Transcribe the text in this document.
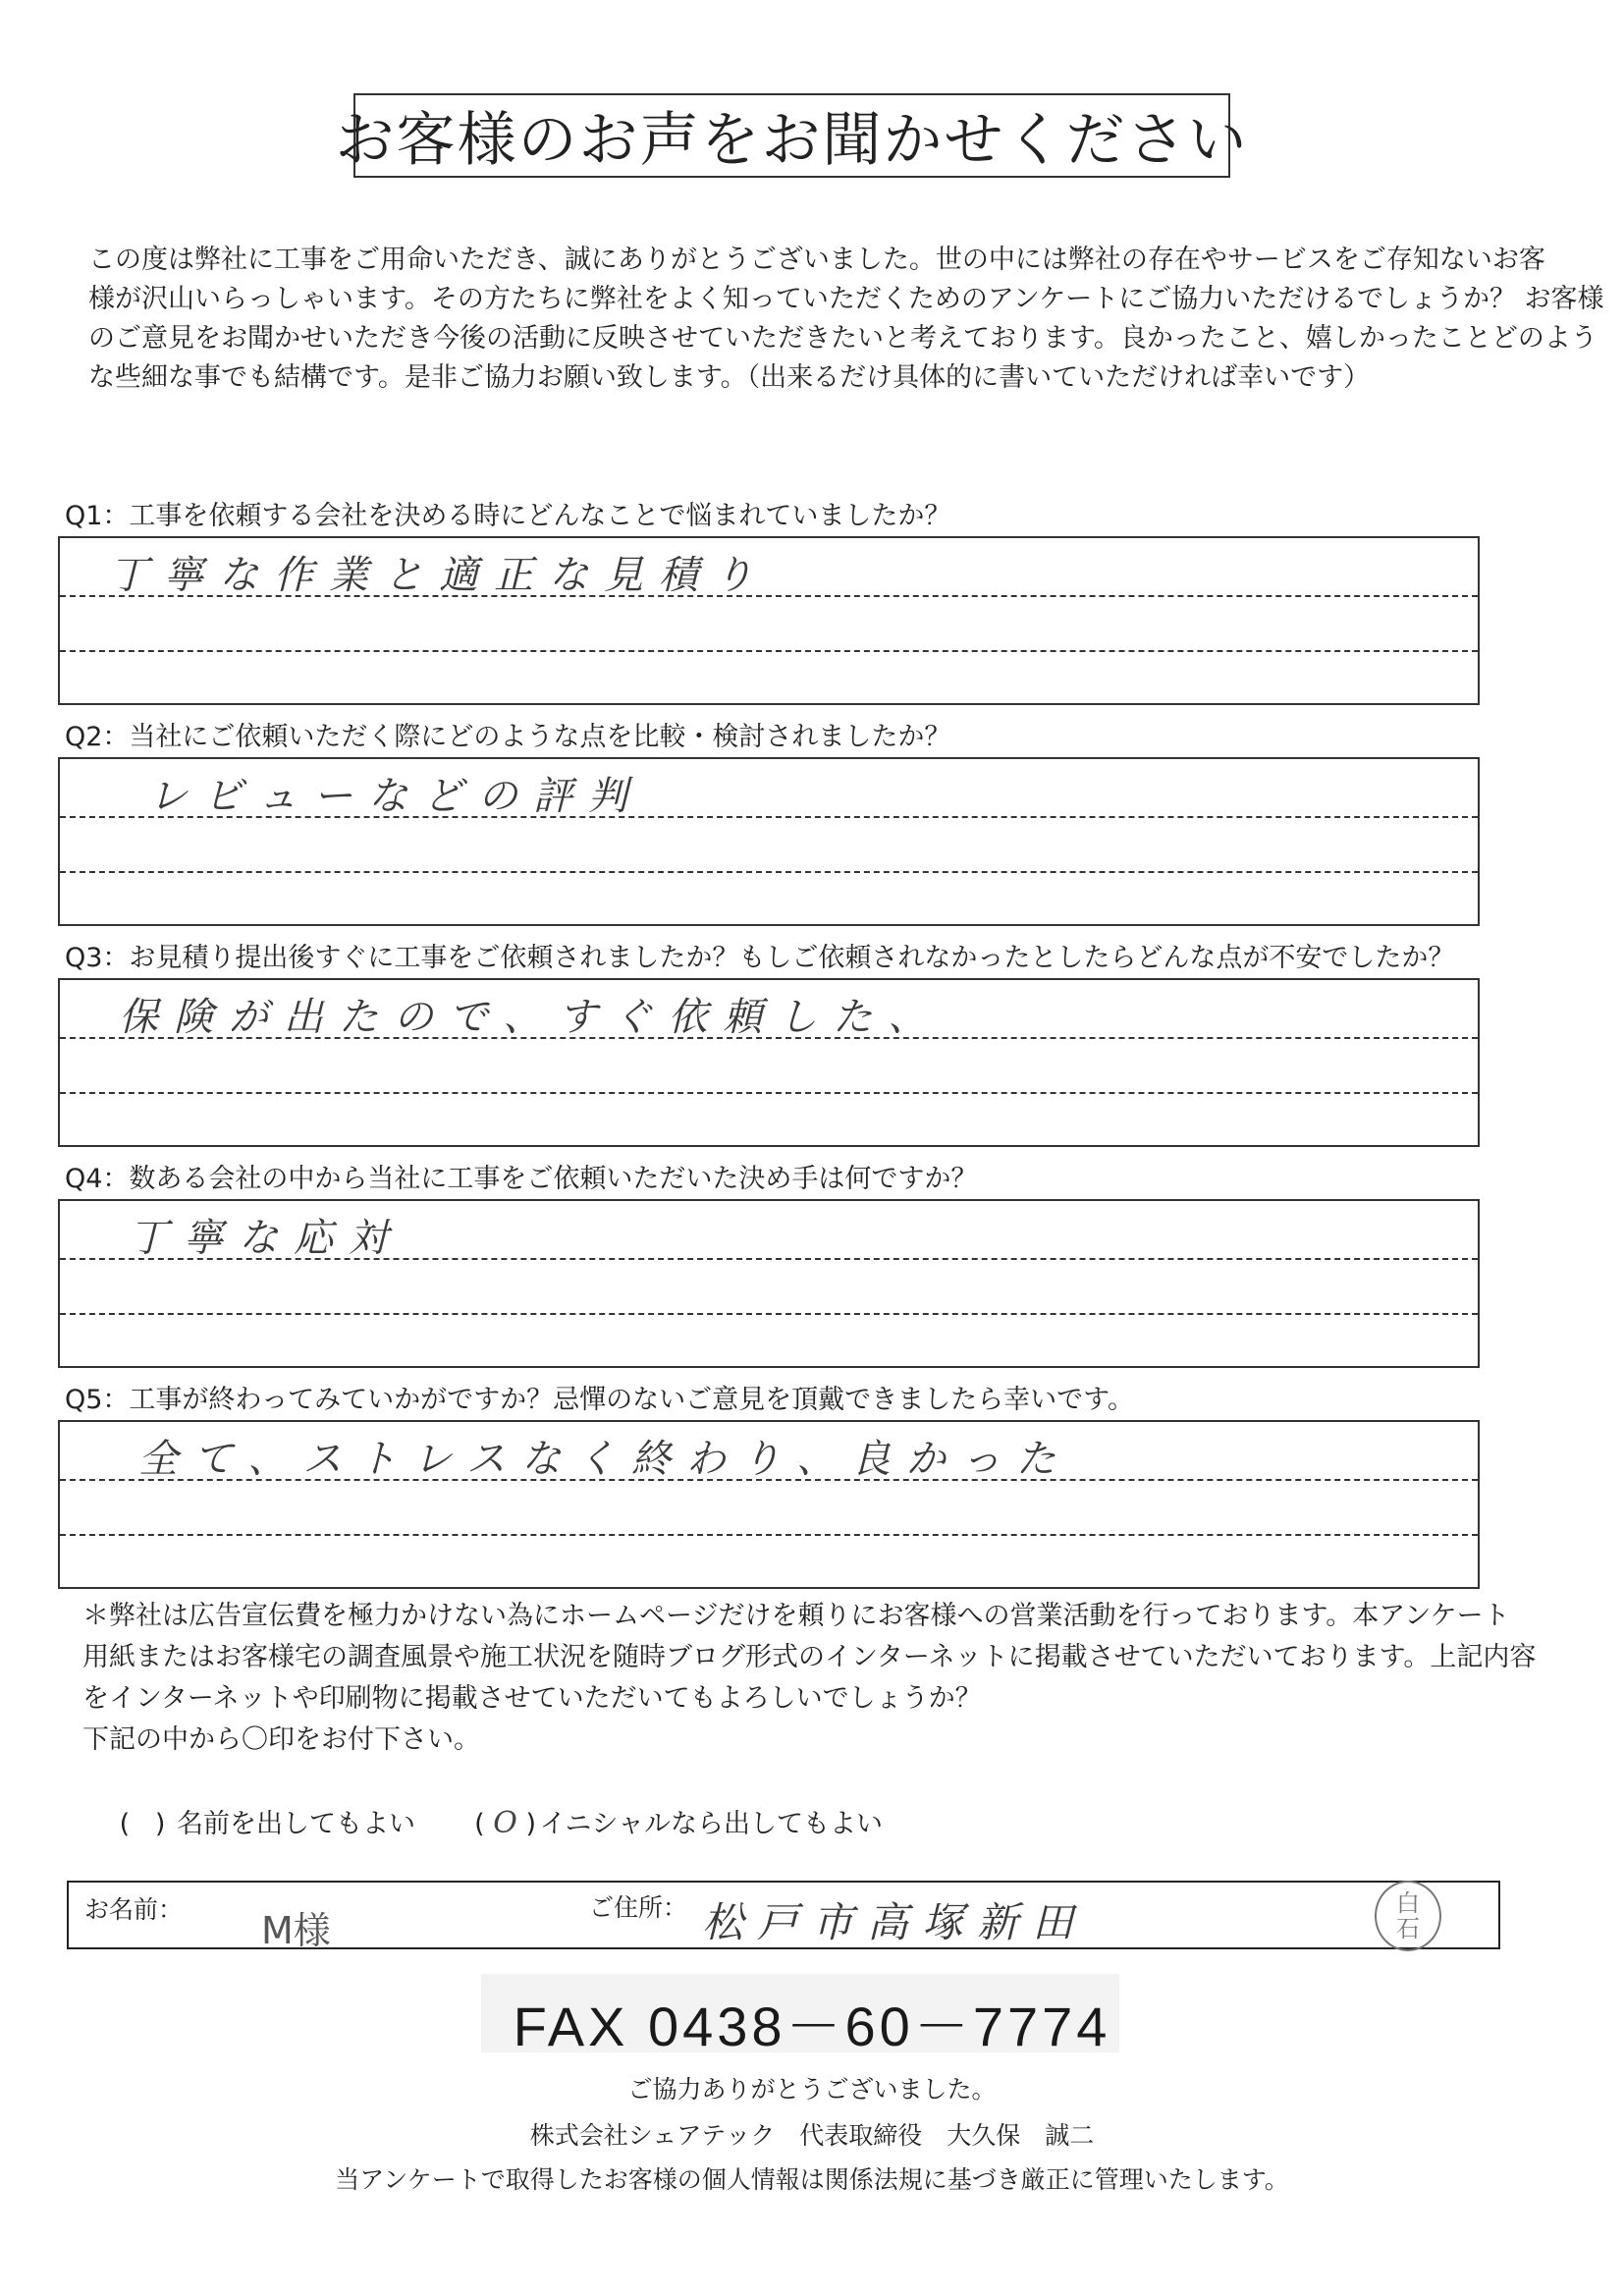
お客様のお声をお聞かせください

この度は弊社に工事をご用命いただき、誠にありがとうございました。世の中には弊社の存在やサービスをご存知ないお客

様が沢山いらっしゃいます。その方たちに弊社をよく知っていただくためのアンケートにご協力いただけるでしょうか？ お客様

のご意見をお聞かせいただき今後の活動に反映させていただきたいと考えております。良かったこと、嬉しかったことどのよう

な些細な事でも結構です。是非ご協力お願い致します。（出来るだけ具体的に書いていただければ幸いです）

Q1：工事を依頼する会社を決める時にどんなことで悩まれていましたか？
丁寧な作業と適正な見積り
Q2：当社にご依頼いただく際にどのような点を比較・検討されましたか？
レビューなどの評判
Q3：お見積り提出後すぐに工事をご依頼されましたか？もしご依頼されなかったとしたらどんな点が不安でしたか？
保険が出たので、すぐ依頼した、
Q4：数ある会社の中から当社に工事をご依頼いただいた決め手は何ですか？
丁寧な応対
Q5：工事が終わってみていかがですか？忌憚のないご意見を頂戴できましたら幸いです。
全て、ストレスなく終わり、良かった

＊弊社は広告宣伝費を極力かけない為にホームページだけを頼りにお客様への営業活動を行っております。本アンケート

用紙またはお客様宅の調査風景や施工状況を随時ブログ形式のインターネットに掲載させていただいております。上記内容

をインターネットや印刷物に掲載させていただいてもよろしいでしょうか？

下記の中から〇印をお付下さい。

( ) 名前を出してもよい ( O ) イニシャルなら出してもよい
お名前： M様
ご住所： 松戸市高塚新田	白
石
FAX 0438－60－7774
ご協力ありがとうございました。
株式会社シェアテック　代表取締役　大久保　誠二
当アンケートで取得したお客様の個人情報は関係法規に基づき厳正に管理いたします。
